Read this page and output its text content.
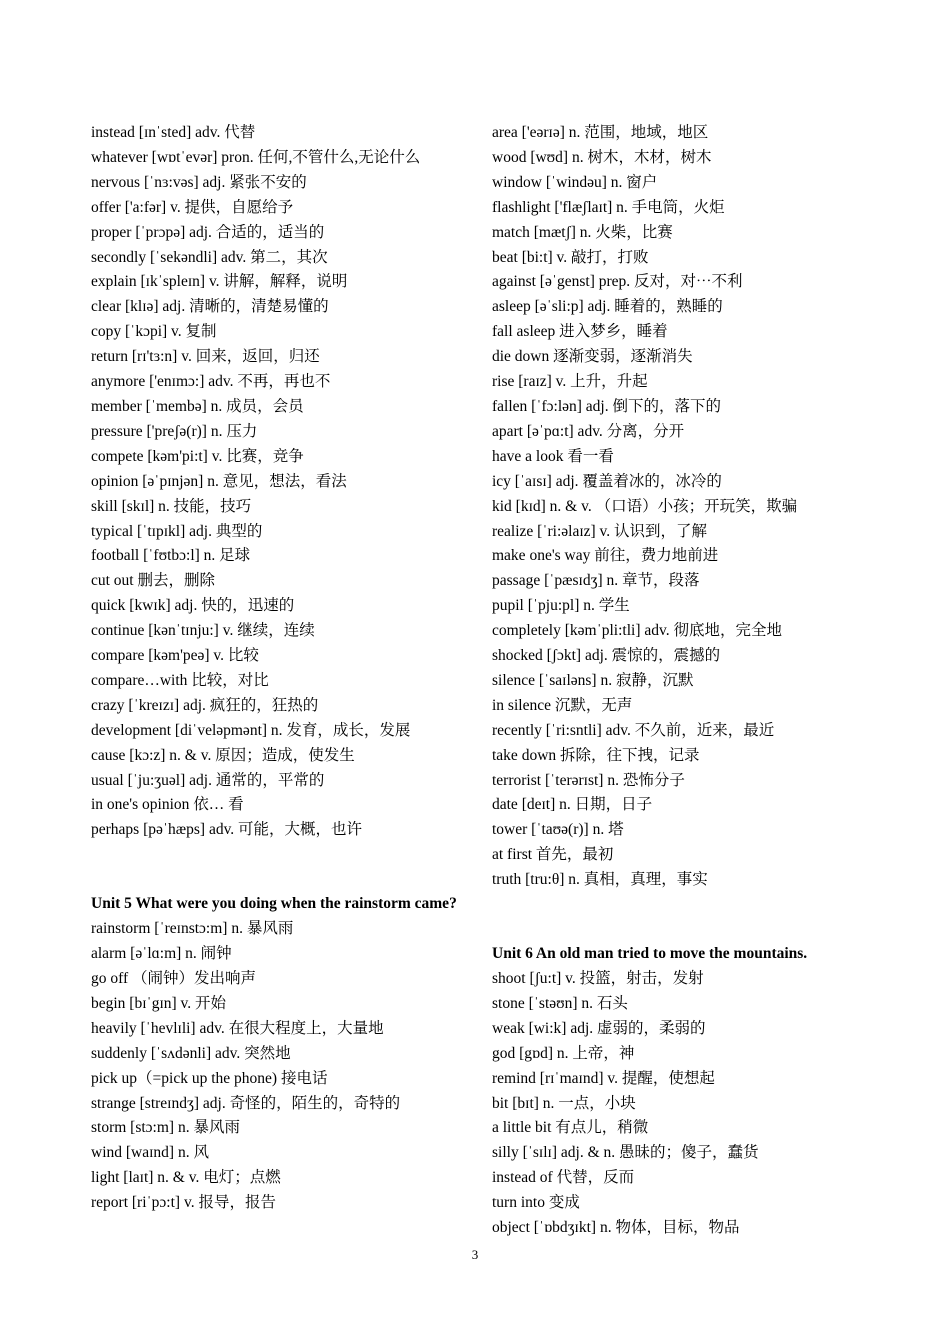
instead [ɪnˈsted] adv. 代替
whatever [wɒtˈevər] pron. 任何,不管什么,无论什么
nervous [ˈnɜ:vəs] adj. 紧张不安的
offer ['a:fər] v. 提供，自愿给予
proper [ˈprɔpə] adj. 合适的，适当的
secondly [ˈsekəndli] adv. 第二，其次
explain [ɪkˈspleɪn] v. 讲解，解释，说明
clear [klɪə] adj. 清晰的，清楚易懂的
copy [ˈkɔpi] v. 复制
return [rɪ'tɜ:n] v. 回来，返回，归还
anymore ['enɪmɔ:] adv. 不再，再也不
member [ˈmembə] n. 成员，会员
pressure ['preʃə(r)] n. 压力
compete [kəm'pi:t] v. 比赛，竞争
opinion [əˈpɪnjən] n. 意见，想法，看法
skill [skɪl] n. 技能，技巧
typical [ˈtɪpɪkl] adj. 典型的
football [ˈfʊtbɔ:l] n. 足球
cut out 删去，删除
quick [kwɪk] adj. 快的，迅速的
continue [kənˈtɪnju:] v. 继续，连续
compare [kəm'peə] v. 比较
compare…with 比较，对比
crazy [ˈkreɪzɪ] adj. 疯狂的，狂热的
development [diˈveləpmənt] n. 发育，成长，发展
cause [kɔ:z] n. & v. 原因；造成，使发生
usual [ˈju:ʒuəl] adj. 通常的，平常的
in one's opinion 依… 看
perhaps [pəˈhæps] adv. 可能，大概，也许
Unit 5 What were you doing when the rainstorm came?
rainstorm [ˈreɪnstɔ:m] n. 暴风雨
alarm [əˈlɑ:m] n. 闹钟
go off （闹钟）发出响声
begin [bɪˈgɪn] v. 开始
heavily [ˈhevlɪli] adv. 在很大程度上，大量地
suddenly [ˈsʌdənli] adv. 突然地
pick up（=pick up the phone) 接电话
strange [streɪndʒ] adj. 奇怪的，陌生的，奇特的
storm [stɔ:m] n. 暴风雨
wind [waɪnd] n. 风
light [laɪt] n. & v. 电灯；点燃
report [riˈpɔ:t] v. 报导，报告
area ['eərɪə] n. 范围，地域，地区
wood [wʊd] n. 树木，木材，树木
window [ˈwindəu] n. 窗户
flashlight ['flæʃlaɪt] n. 手电筒，火炬
match [mætʃ] n. 火柴，比赛
beat [bi:t] v. 敲打，打败
against [əˈgenst] prep. 反对，对⋯不利
asleep [əˈsli:p] adj. 睡着的，熟睡的
fall asleep 进入梦乡，睡着
die down 逐渐变弱，逐渐消失
rise [raɪz] v. 上升，升起
fallen [ˈfɔ:lən] adj. 倒下的，落下的
apart [əˈpɑ:t] adv. 分离，分开
have a look 看一看
icy [ˈaɪsɪ] adj. 覆盖着冰的，冰冷的
kid [kɪd] n. & v. （口语）小孩；开玩笑，欺骗
realize [ˈri:əlaɪz] v. 认识到，了解
make one's way 前往，费力地前进
passage [ˈpæsɪdʒ] n. 章节，段落
pupil [ˈpju:pl] n. 学生
completely [kəmˈpli:tli] adv. 彻底地，完全地
shocked [ʃɔkt] adj. 震惊的，震撼的
silence [ˈsaɪləns] n. 寂静，沉默
in silence 沉默，无声
recently [ˈri:sntli] adv. 不久前，近来，最近
take down 拆除，往下拽，记录
terrorist [ˈterərɪst] n. 恐怖分子
date [deɪt] n. 日期，日子
tower [ˈtaʊə(r)] n. 塔
at first 首先，最初
truth [tru:θ] n. 真相，真理，事实
Unit 6 An old man tried to move the mountains.
shoot [ʃu:t] v. 投篮，射击，发射
stone [ˈstəʊn] n. 石头
weak [wi:k] adj. 虚弱的，柔弱的
god [gɒd] n. 上帝，神
remind [rɪˈmaɪnd] v. 提醒，使想起
bit [bɪt] n. 一点，小块
a little bit 有点儿，稍微
silly [ˈsɪlɪ] adj. & n. 愚昧的；傻子，蠢货
instead of 代替，反而
turn into 变成
object [ˈɒbdʒɪkt] n. 物体，目标，物品
3
